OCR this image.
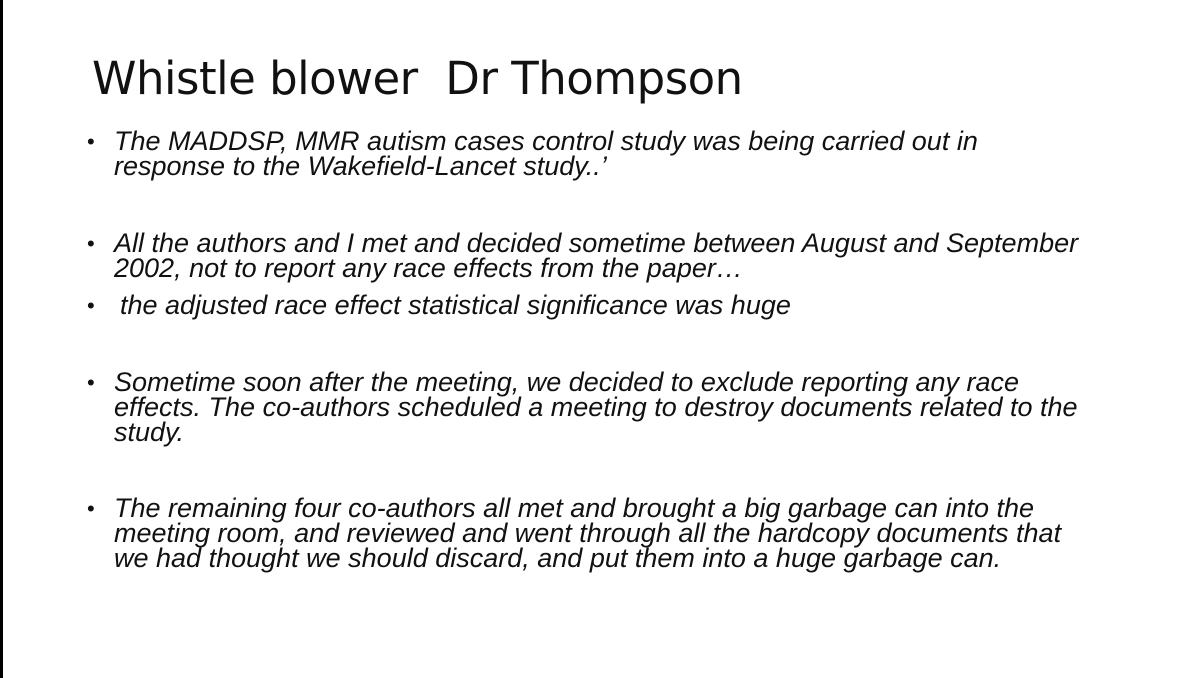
Whistle blower  Dr Thompson
• The MADDSP, MMR autism cases control study was being carried out in response to the Wakefield-Lancet study..’
• All the authors and I met and decided sometime between August and September 2002, not to report any race effects from the paper…
• the adjusted race effect statistical significance was huge
• Sometime soon after the meeting, we decided to exclude reporting any race effects. The co-authors scheduled a meeting to destroy documents related to the study.
• The remaining four co-authors all met and brought a big garbage can into the meeting room, and reviewed and went through all the hardcopy documents that we had thought we should discard, and put them into a huge garbage can.
